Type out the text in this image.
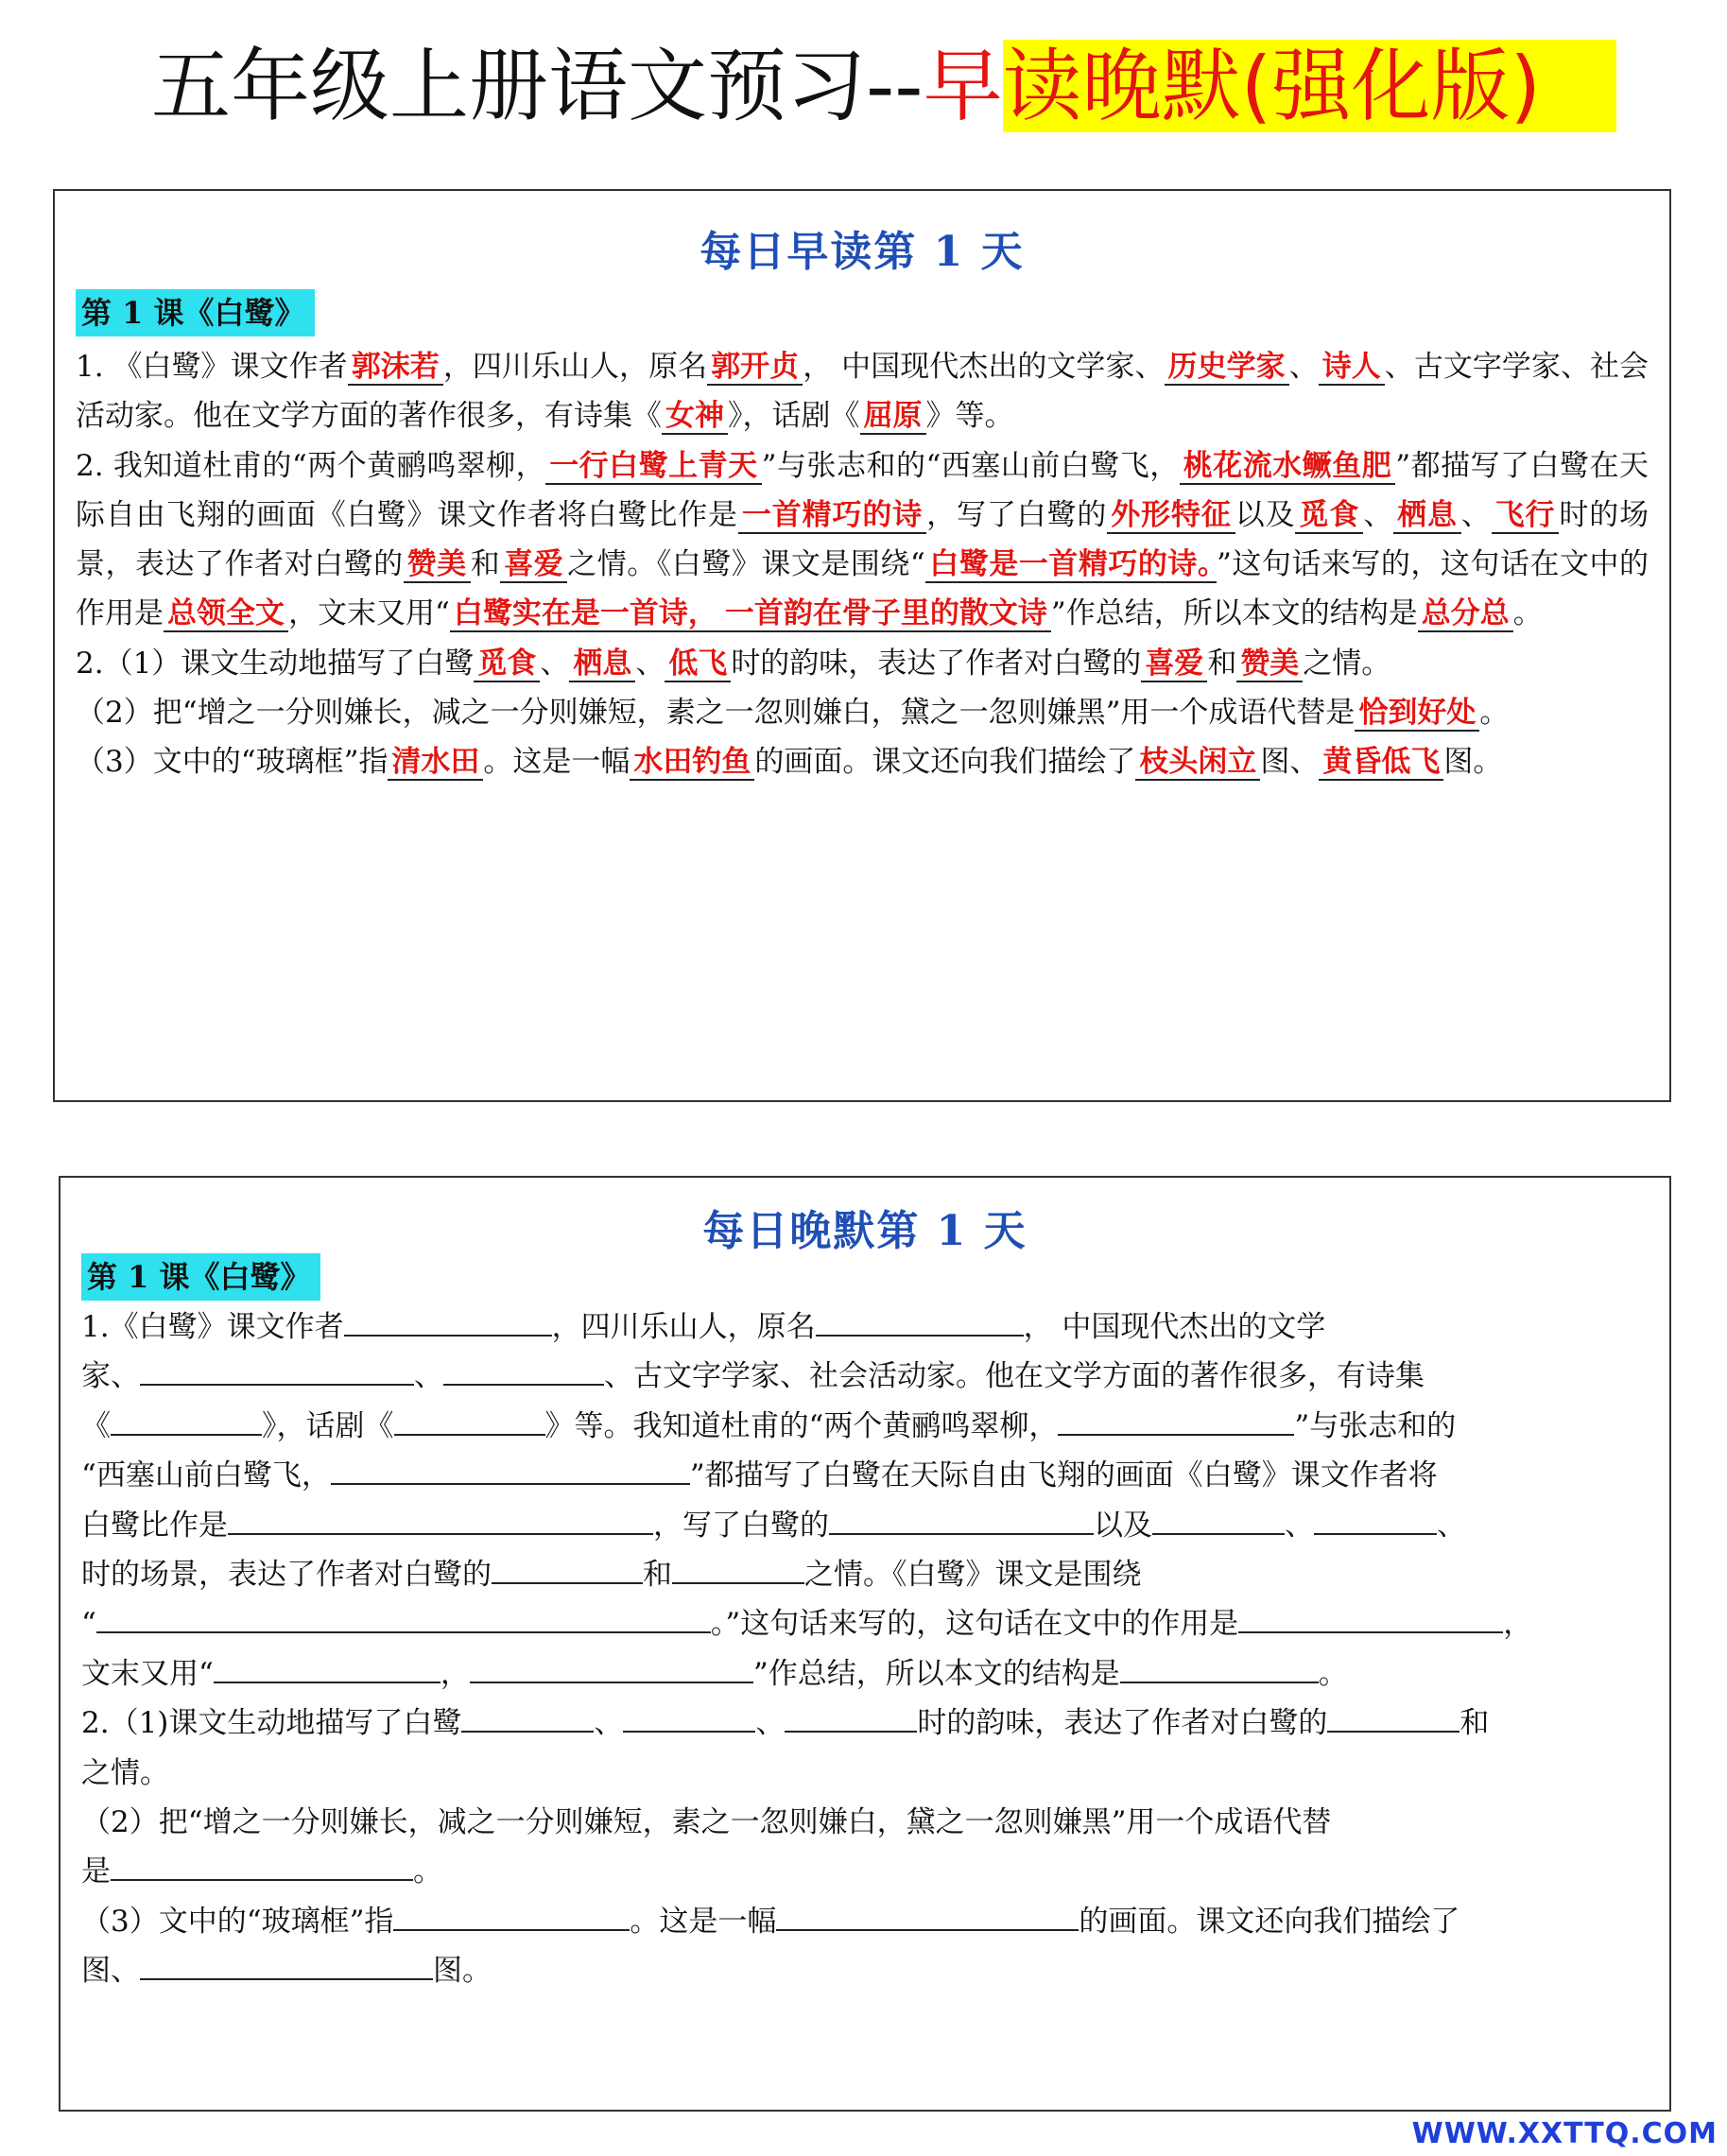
五年级上册语文预习--早读晚默(强化版)
每日早读第 1 天
第 1 课《白鹭》
1. 《白鹭》课文作者 郭沫若 ，四川乐山人，原名 郭开贞 ， 中国现代杰出的文学家、 历史学家 、 诗人 、古文字学家、社会活动家。他在文学方面的著作很多，有诗集《 女神 》，话剧《 屈原 》等。
2. 我知道杜甫的“两个黄鹂鸣翠柳， 一行白鹭上青天 ”与张志和的“西塞山前白鹭飞， 桃花流水鳜鱼肥 ”都描写了白鹭在天际自由飞翔的画面《白鹭》课文作者将白鹭比作是 一首精巧的诗 ，写了白鹭的 外形特征 以及 觅食 、 栖息 、 飞行 时的场景，表达了作者对白鹭的 赞美 和 喜爱 之情。《白鹭》课文是围绕“ 白鹭是一首精巧的诗。 ”这句话来写的，这句话在文中的作用是 总领全文 ，文末又用“ 白鹭实在是一首诗， 一首韵在骨子里的散文诗 ”作总结，所以本文的结构是 总分总 。
2.（1）课文生动地描写了白鹭 觅食 、 栖息 、 低飞 时的韵味，表达了作者对白鹭的 喜爱 和 赞美 之情。
（2）把“增之一分则嫌长，减之一分则嫌短，素之一忽则嫌白，黛之一忽则嫌黑”用一个成语代替是 恰到好处 。
（3）文中的“玻璃框”指 清水田 。这是一幅 水田钓鱼 的画面。课文还向我们描绘了 枝头闲立 图、 黄昏低飞 图。
每日晚默第 1 天
第 1 课《白鹭》
1.《白鹭》课文作者	，四川乐山人，原名	， 中国现代杰出的文学
家、	、	、古文字学家、社会活动家。他在文学方面的著作很多，有诗集
《	》，话剧《	》等。我知道杜甫的“两个黄鹂鸣翠柳，	”与张志和的
“西塞山前白鹭飞，	”都描写了白鹭在天际自由飞翔的画面《白鹭》课文作者将
白鹭比作是	，写了白鹭的	以及	、	、
时的场景，表达了作者对白鹭的	和	之情。《白鹭》课文是围绕
“	。”这句话来写的，这句话在文中的作用是	，
文末又用“	，	”作总结，所以本文的结构是	。
2.（1)课文生动地描写了白鹭	、	、	时的韵味，表达了作者对白鹭的	和
之情。
（2）把“增之一分则嫌长，减之一分则嫌短，素之一忽则嫌白，黛之一忽则嫌黑”用一个成语代替
是	。
（3）文中的“玻璃框”指	。这是一幅	的画面。课文还向我们描绘了
图、	图。
WWW.XXTTQ.COM
